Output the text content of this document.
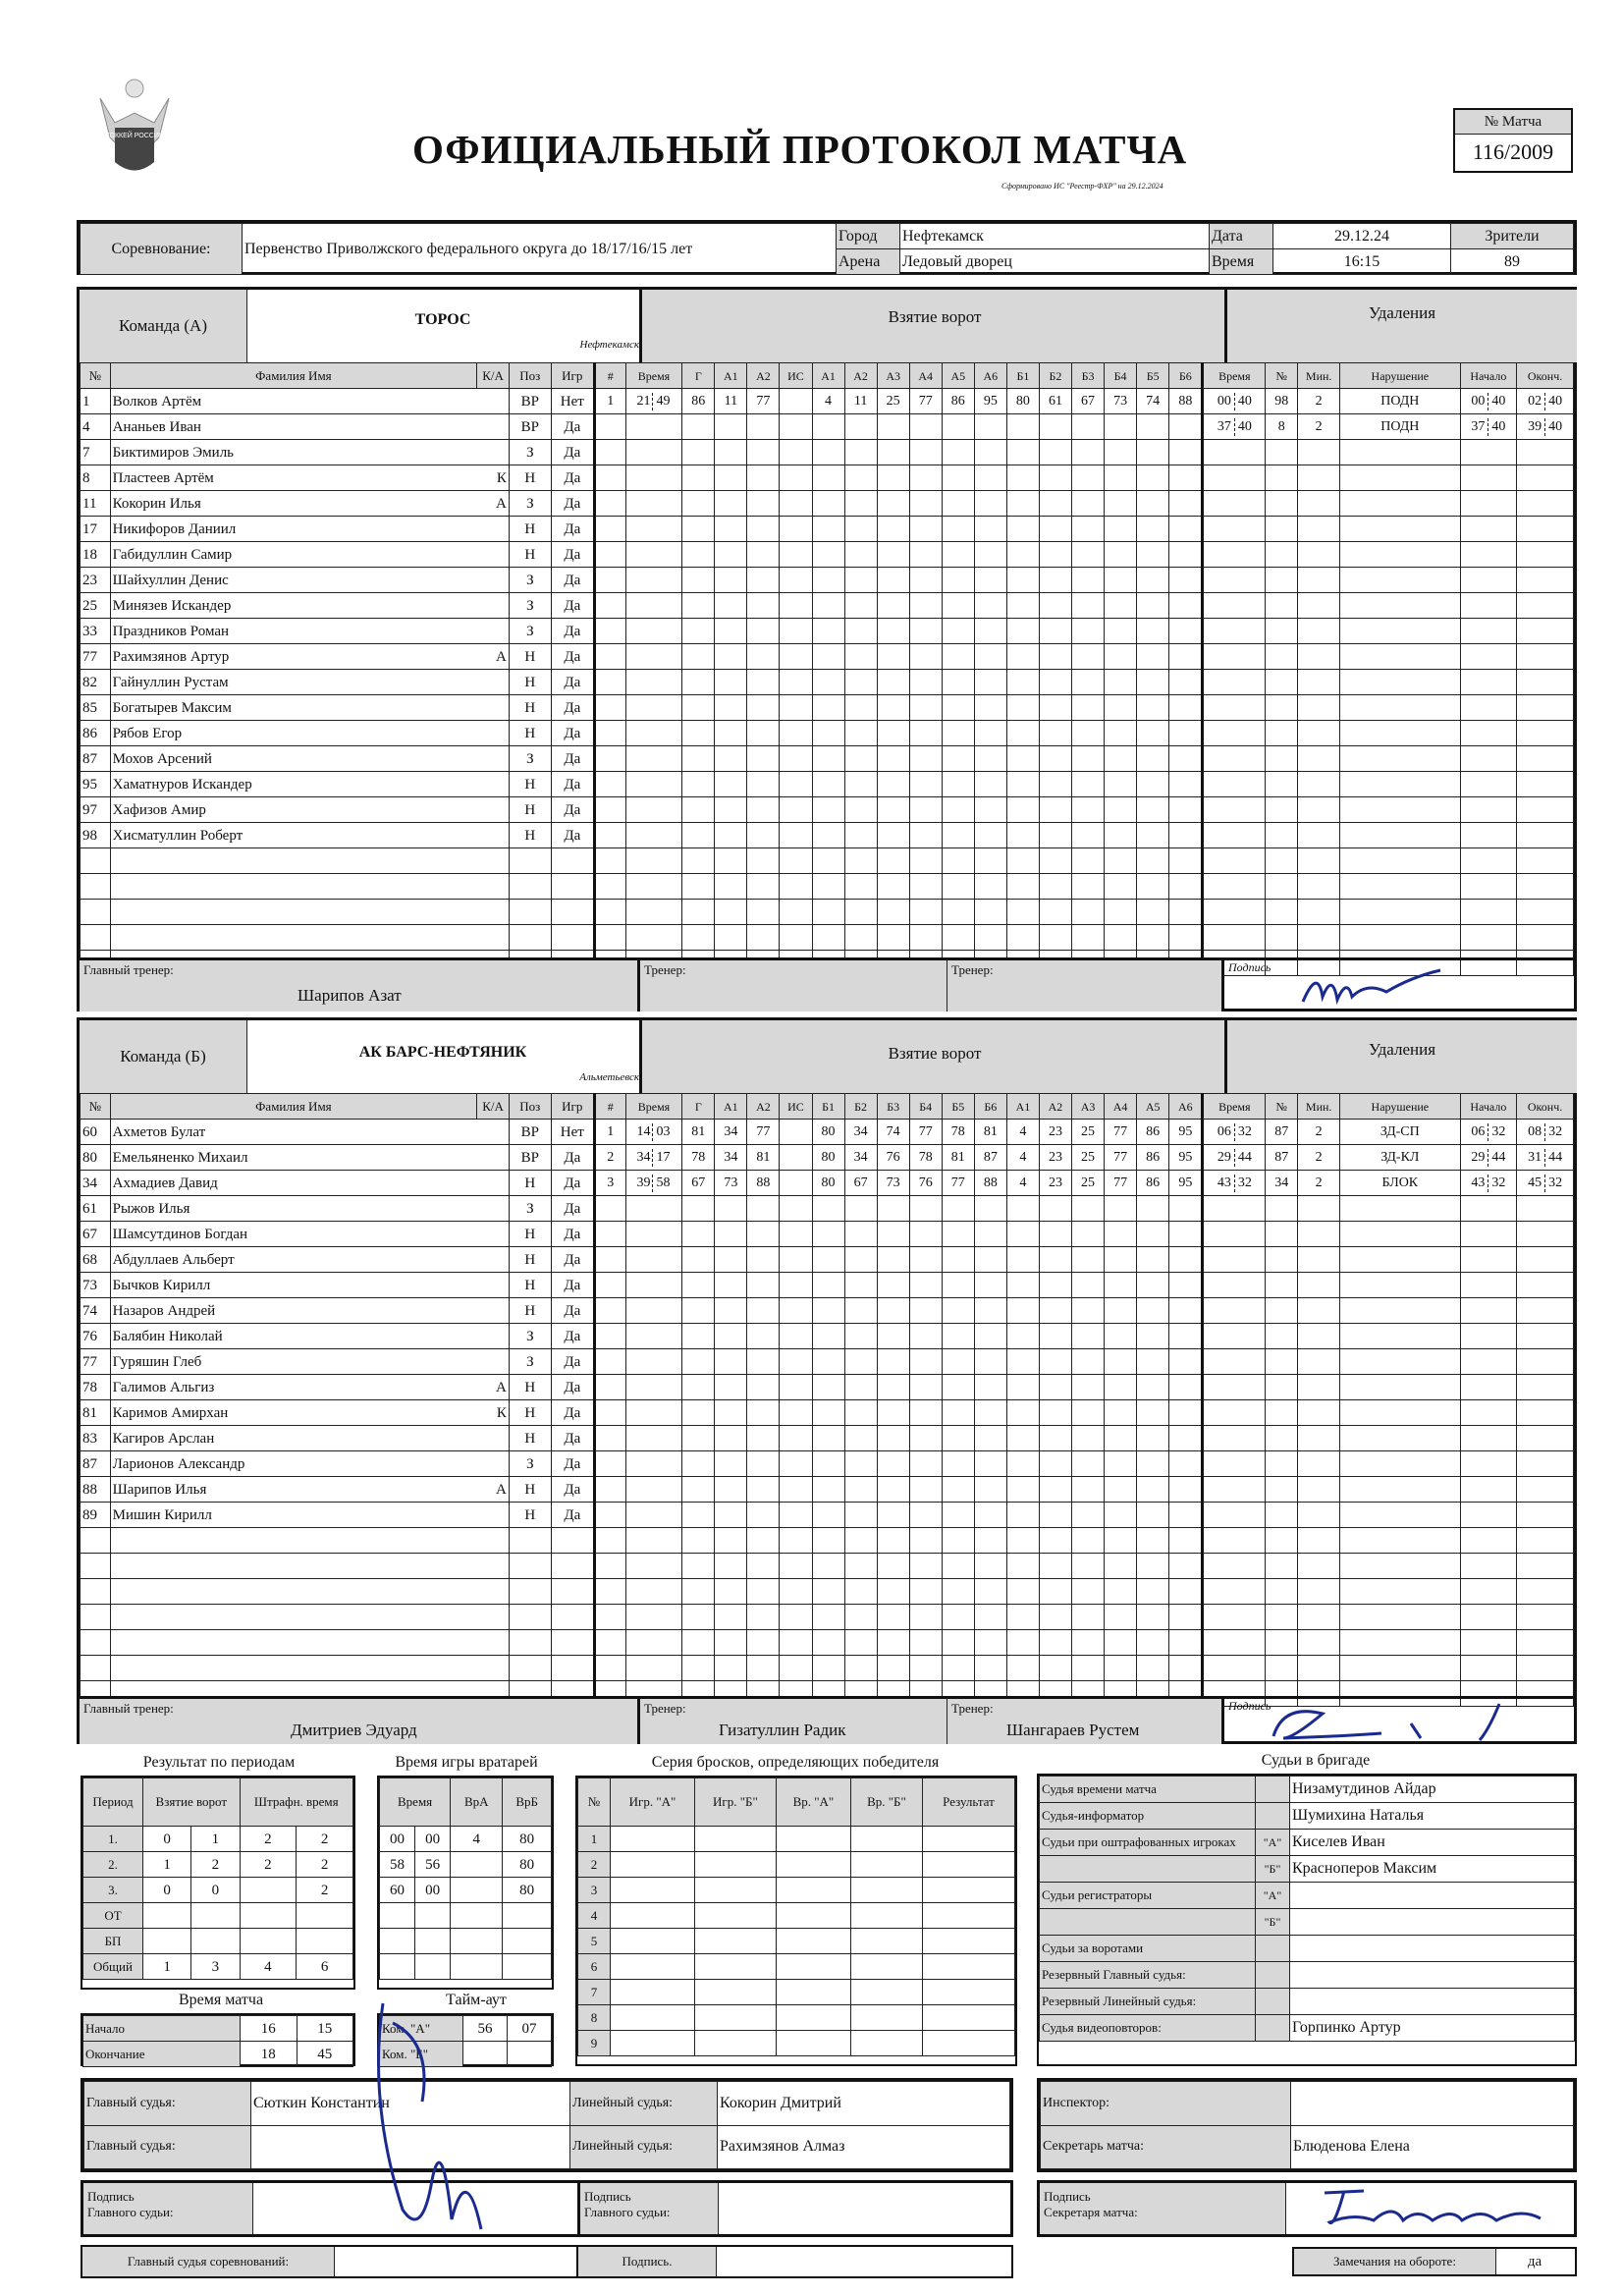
ХОККЕЙ РОССИИ	ОФИЦИАЛЬНЫЙ ПРОТОКОЛ МАТЧА
Сформировано ИС "Реестр-ФХР" на 29.12.2024
№ Матча
116/2009
Соревнование:	Первенство Приволжского федерального округа до 18/17/16/15 лет	Город	Нефтекамск	Дата	29.12.24	Зрители
		Арена	Ледовый дворец	Время	16:15	89
Команда (А)	ТОРОС
Нефтекамск
Взятие ворот	Удаления
№	Фамилия Имя	К/А	Поз	Игр	#	Время	Г	А1	А2	ИС	А1	А2	А3	А4	А5	А6	Б1	Б2	Б3	Б4	Б5	Б6	Время	№	Мин.	Нарушение	Начало	Оконч.
1	Волков Артём		ВР	Нет	1	21 49	86	11	77		4	11	25	77	86	95	80	61	67	73	74	88	00 40	98	2	ПОДН	00 40	02 40
4	Ананьев Иван		ВР	Да																			37 40	8	2	ПОДН	37 40	39 40
7	Биктимиров Эмиль		З	Да																								
8	Пластеев Артём	К	Н	Да																								
11	Кокорин Илья	А	З	Да																								
17	Никифоров Даниил		Н	Да																								
18	Габидуллин Самир		Н	Да																								
23	Шайхуллин Денис		З	Да																								
25	Минязев Искандер		З	Да																								
33	Праздников Роман		З	Да																								
77	Рахимзянов Артур	А	Н	Да																								
82	Гайнуллин Рустам		Н	Да																								
85	Богатырев Максим		Н	Да																								
86	Рябов Егор		Н	Да																								
87	Мохов Арсений		З	Да																								
95	Хаматнуров Искандер		Н	Да																								
97	Хафизов Амир		Н	Да																								
98	Хисматуллин Роберт		Н	Да																								

Главный тренер:
Шарипов Азат
Тренер:	Тренер:	Подпись
Команда (Б)	АК БАРС-НЕФТЯНИК
Альметьевск
Взятие ворот	Удаления
№	Фамилия Имя	К/А	Поз	Игр	#	Время	Г	А1	А2	ИС	Б1	Б2	Б3	Б4	Б5	Б6	А1	А2	А3	А4	А5	А6	Время	№	Мин.	Нарушение	Начало	Оконч.
60	Ахметов Булат		ВР	Нет	1	14 03	81	34	77		80	34	74	77	78	81	4	23	25	77	86	95	06 32	87	2	ЗД-СП	06 32	08 32
80	Емельяненко Михаил		ВР	Да	2	34 17	78	34	81		80	34	76	78	81	87	4	23	25	77	86	95	29 44	87	2	ЗД-КЛ	29 44	31 44
34	Ахмадиев Давид		Н	Да	3	39 58	67	73	88		80	67	73	76	77	88	4	23	25	77	86	95	43 32	34	2	БЛОК	43 32	45 32
61	Рыжов Илья		З	Да																								
67	Шамсутдинов Богдан		Н	Да																								
68	Абдуллаев Альберт		Н	Да																								
73	Бычков Кирилл		Н	Да																								
74	Назаров Андрей		Н	Да																								
76	Балябин Николай		З	Да																								
77	Гуряшин Глеб		З	Да																								
78	Галимов Альгиз	А	Н	Да																								
81	Каримов Амирхан	К	Н	Да																								
83	Кагиров Арслан		Н	Да																								
87	Ларионов Александр		З	Да																								
88	Шарипов Илья	А	Н	Да																								
89	Мишин Кирилл		Н	Да																								

Главный тренер:
Дмитриев Эдуард
Тренер:
Гизатуллин Радик
Тренер:
Шангараев Рустем
Подпись
Результат по периодам
Период	Взятие ворот		Штрафн. время	
1.	0	1	2	2
2.	1	2	2	2
3.	0	0		2
ОТ				
БП				
Общий	1	3	4	6
Время матча
Начало	16	15
Окончание	18	45
Время игры вратарей
Время		ВрА	ВрБ
00	00	4	80
58	56		80
60	00		80

Тайм-аут
Ком. "А"	56	07
Ком. "Б"		
Серия бросков, определяющих победителя
№	Игр. "А"	Игр. "Б"	Вр. "А"	Вр. "Б"	Результат
1					
2					
3					
4					
5					
6					
7					
8					
9					
Судьи в бригаде
Судья времени матча		Низамутдинов Айдар
Судья-информатор		Шумихина Наталья
Судьи при оштрафованных игроках	"А"	Киселев Иван
	"Б"	Красноперов Максим
Судьи регистраторы	"А"	
	"Б"	
Судьи за воротами		
Резервный Главный судья:		
Резервный Линейный судья:		
Судья видеоповторов:		Горпинко Артур
Главный судья:	Сюткин Константин	Линейный судья:	Кокорин Дмитрий
Главный судья:		Линейный судья:	Рахимзянов Алмаз
Инспектор:	
Секретарь матча:	Блюденова Елена
Подпись
Главного судьи:
Подпись
Главного судьи:
Подпись
Секретаря матча:
Главный судья соревнований:	Подпись.	Замечания на обороте:	да
